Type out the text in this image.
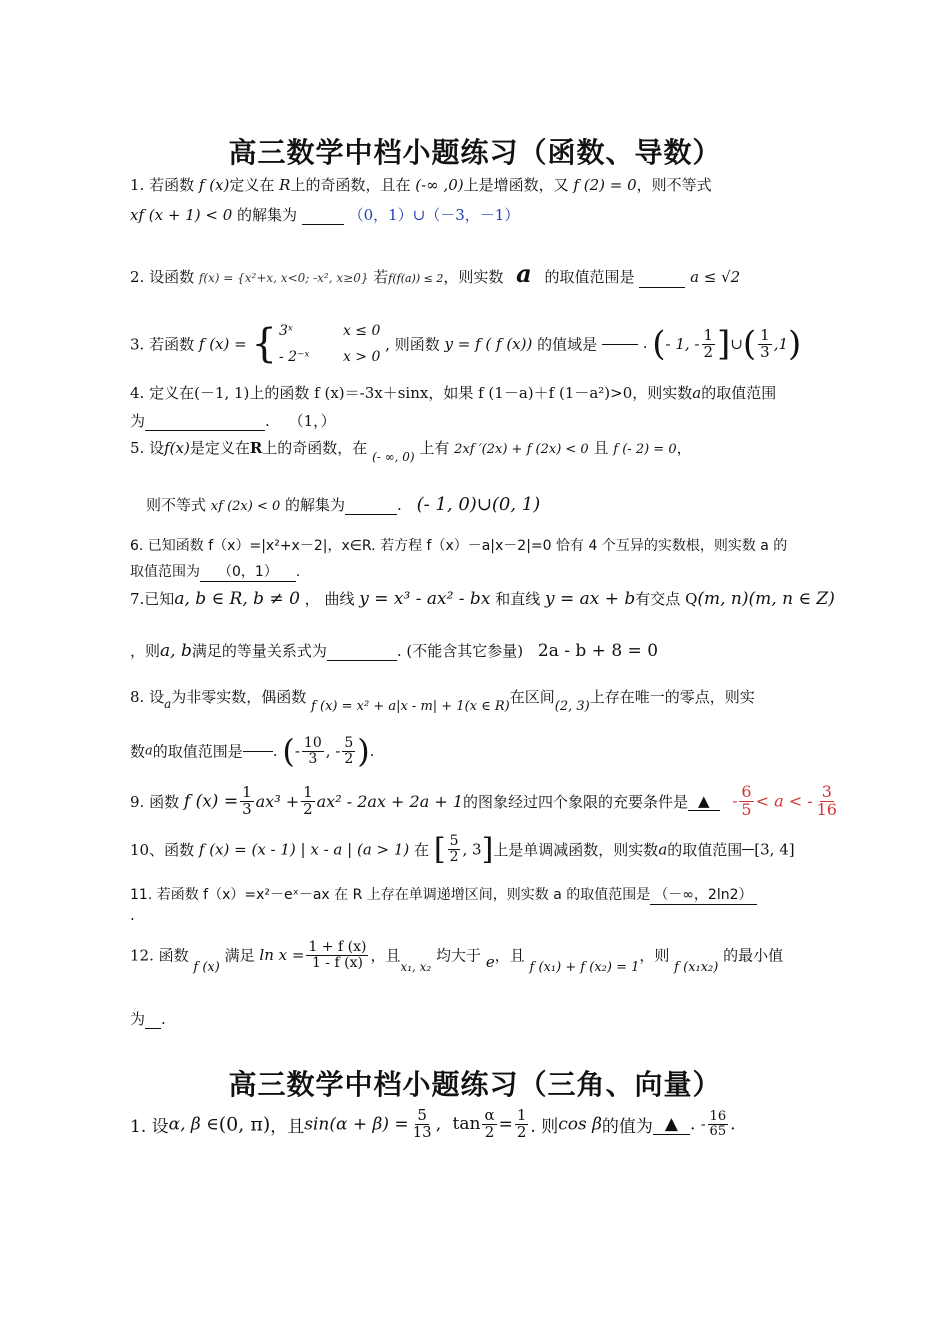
高三数学中档小题练习（函数、导数）
1. 若函数 f (x)定义在 R上的奇函数，且在 (-∞ ,0)上是增函数，又 f (2) = 0，则不等式
xf (x + 1) < 0 的解集为	（0，1）∪（－3，－1）
2. 设函数 f(x) = {x²+x, x<0; -x², x≥0} 若f(f(a)) ≤ 2，则实数 a 的取值范围是	a ≤ √2
3. 若函数 f (x) = { 3ˣ	x ≤ 0
- 2⁻ˣ x > 0
, 则函数 y = f ( f (x)) 的值域是	. (- 1, - $\frac{1}{2}$ ]∪( $\frac{1}{3} ,1$)
4. 定义在(－1, 1)上的函数 f (x)＝-3x＋sinx，如果 f (1－a)＋f (1－a²)>0，则实数a的取值范围
为	. （1，）
5. 设f(x)是定义在R上的奇函数，在 $_{(- \infty, 0)}$ 上有 2xf ′(2x) + f (2x) < 0 且 f (- 2) = 0，
则不等式 xf (2x) < 0 的解集为	. (- 1, 0)∪(0, 1)
6. 已知函数 f（x）=|x²+x－2|，x∈R. 若方程 f（x）－a|x－2|=0 恰有 4 个互异的实数根，则实数 a 的
取值范围为 （0，1） .
7.已知a, b ∈ R, b ≠ 0 ， 曲线 y = x³ - ax² - bx 和直线 y = ax + b有交点 Q(m, n)(m, n ∈ Z)
，则a, b满足的等量关系式为	. (不能含其它参量) 2a - b + 8 = 0
8. 设$_a$为非零实数，偶函数 f (x) = x² + a|x - m| + 1(x ∈ R)在区间(2, 3)上存在唯一的零点，则实
数a的取值范围是 . (- $\frac{10}{3}$ , - $\frac{5}{2}$ ).
9. 函数 f $(x) = \frac{1}{3} ax^3 + \frac{1}{2} ax^2 - 2ax + 2a + 1$的图象经过四个象限的充要条件是 ▲ - $\frac{6}{5} < a$ < - $\frac{3}{16}$
10、函数 f (x) = (x - 1) | x - a | (a > 1) 在 [ $\frac{5}{2}$ , 3]上是单调减函数，则实数a的取值范围 [3, 4]
11. 若函数 f（x）=x²－eˣ－ax 在 R 上存在单调递增区间，则实数 a 的取值范围是 （－∞，2ln2）
.
12. 函数 f (x) 满足 $\ln x = \frac{1 + f (x)}{1 - f (x)}$ ，且$_{x_1, x_2}$ 均大于 e，且 f (x₁) + f (x₂) = 1，则 f (x₁x₂) 的最小值
为 .
高三数学中档小题练习（三角、向量）
1. 设α, β ∈(0, π)，且$\sin(\alpha + \beta) = \frac{5}{13}$ , $\tan \frac{\alpha}{2} = \frac{1}{2}$ . 则cos β的值为 ▲ . - $\frac{16}{65}$ .
